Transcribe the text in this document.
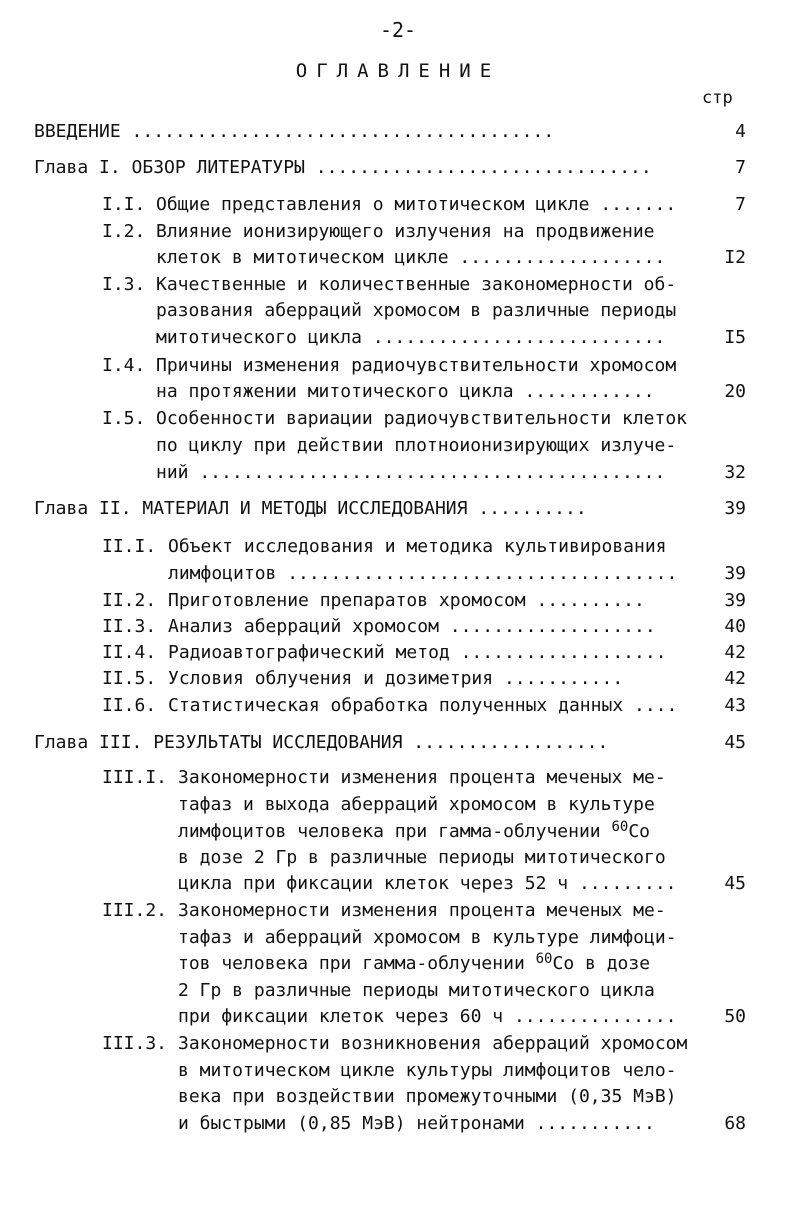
-2-
ОГЛАВЛЕНИЕ
стр
ВВЕДЕНИЕ .......................................	4
Глава I. ОБЗОР ЛИТЕРАТУРЫ ...............................	7
I.I. Общие представления о митотическом цикле .......	7
I.2. Влияние ионизирующего излучения на продвижение
клеток в митотическом цикле ...................	I2
I.3. Качественные и количественные закономерности об-
разования аберраций хромосом в различные периоды
митотического цикла ...........................	I5
I.4. Причины изменения радиочувствительности хромосом
на протяжении митотического цикла ............	20
I.5. Особенности вариации радиочувствительности клеток
по циклу при действии плотноионизирующих излуче-
ний ...........................................	32
Глава II. МАТЕРИАЛ И МЕТОДЫ ИССЛЕДОВАНИЯ ..........	39
II.I. Объект исследования и методика культивирования
лимфоцитов ....................................	39
II.2. Приготовление препаратов хромосом ..........	39
II.3. Анализ аберраций хромосом ...................	40
II.4. Радиоавтографический метод ...................	42
II.5. Условия облучения и дозиметрия ...........	42
II.6. Статистическая обработка полученных данных ....	43
Глава III. РЕЗУЛЬТАТЫ ИССЛЕДОВАНИЯ ..................	45
III.I. Закономерности изменения процента меченых ме-
тафаз и выхода аберраций хромосом в культуре
лимфоцитов человека при гамма-облучении $^{60}$Co
в дозе 2 Гр в различные периоды митотического
цикла при фиксации клеток через 52 ч .........	45
III.2. Закономерности изменения процента меченых ме-
тафаз и аберраций хромосом в культуре лимфоци-
тов человека при гамма-облучении $^{60}$Co в дозе
2 Гр в различные периоды митотического цикла
при фиксации клеток через 60 ч ...............	50
III.3. Закономерности возникновения аберраций хромосом
в митотическом цикле культуры лимфоцитов чело-
века при воздействии промежуточными (0,35 МэВ)
и быстрыми (0,85 МэВ) нейтронами ...........	68
